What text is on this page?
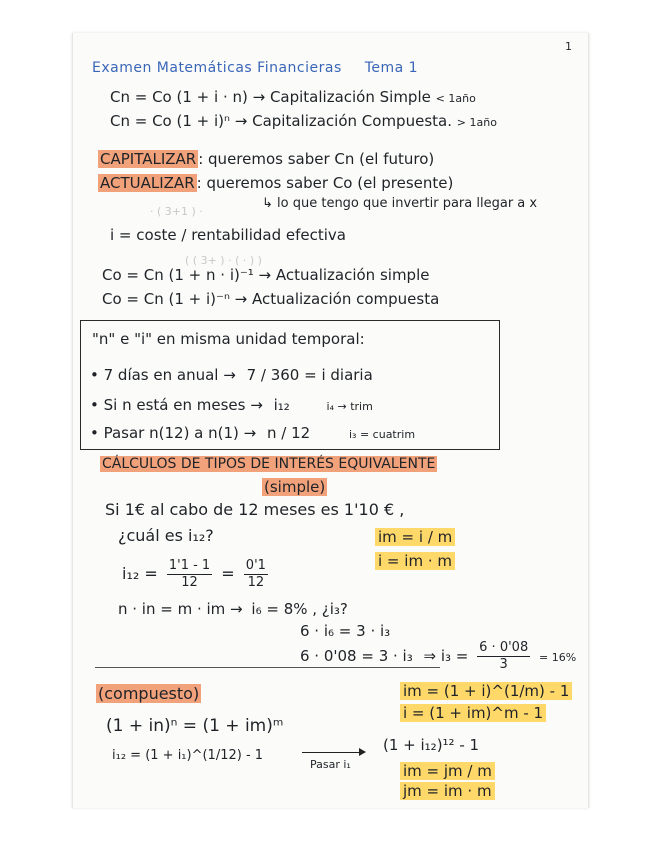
1
Examen Matemáticas Financieras Tema 1
Cn = Co (1 + i · n) → Capitalización Simple < 1año
Cn = Co (1 + i)ⁿ → Capitalización Compuesta. > 1año
CAPITALIZAR : queremos saber Cn (el futuro)
ACTUALIZAR : queremos saber Co (el presente)
↳ lo que tengo que invertir para llegar a x
i = coste / rentabilidad efectiva
· ( 3+1 ) ·
( ( 3+ ) · ( · ) )
Co = Cn (1 + n · i)⁻¹ → Actualización simple
Co = Cn (1 + i)⁻ⁿ → Actualización compuesta
"n" e "i" en misma unidad temporal:
• 7 días en anual → 7 / 360 = i diaria
• Si n está en meses → i₁₂	i₄ → trim
• Pasar n(12) a n(1) → n / 12	i₃ = cuatrim
CÁLCULOS DE TIPOS DE INTERÉS EQUIVALENTE
(simple)
Si 1€ al cabo de 12 meses es 1'10 € ,
¿cuál es i₁₂?	im = i / m
i = im · m
$i_{12} = \frac{1'1 - 1}{12} = \frac{0'1}{12}$
n · in = m · im → i₆ = 8% , ¿i₃?
6 · i₆ = 3 · i₃
6 · 0'08 = 3 · i₃ ⇒ $i_3 = \frac{6 \cdot 0'08}{3} = 16\%$
(compuesto)	im = (1 + i)^(1/m) - 1
i = (1 + im)^m - 1
(1 + in)ⁿ = (1 + im)ᵐ
i₁₂ = (1 + i₁)^(1/12) - 1
Pasar i₁
(1 + i₁₂)¹² - 1
im = jm / m
jm = im · m
